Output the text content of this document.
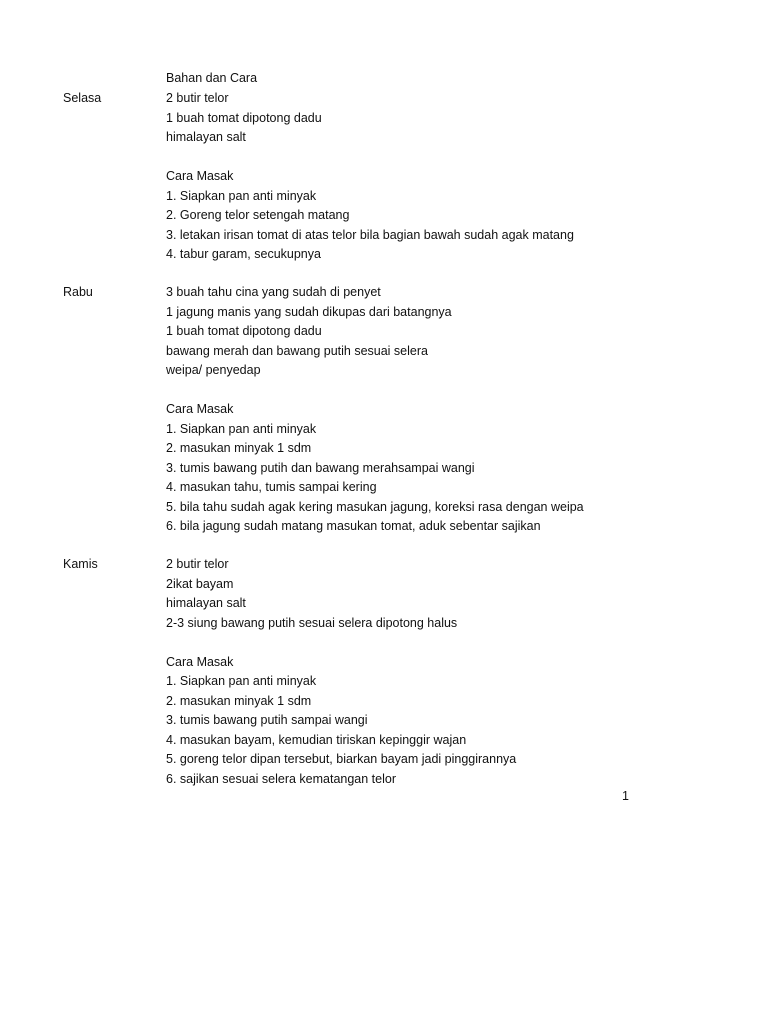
Bahan dan Cara
Selasa	2 butir telor
1 buah tomat dipotong dadu
himalayan salt
Cara Masak
1. Siapkan pan anti minyak
2. Goreng telor setengah matang
3. letakan irisan tomat di atas telor bila bagian bawah sudah agak matang
4. tabur garam, secukupnya
Rabu	3 buah tahu cina yang sudah di penyet
1 jagung manis yang sudah dikupas dari batangnya
1 buah tomat dipotong dadu
bawang merah dan bawang putih sesuai selera
weipa/ penyedap
Cara Masak
1. Siapkan pan anti minyak
2. masukan minyak 1 sdm
3. tumis bawang putih dan bawang merahsampai wangi
4. masukan tahu, tumis sampai kering
5. bila tahu sudah agak kering masukan jagung, koreksi rasa dengan weipa
6. bila jagung sudah matang masukan tomat, aduk sebentar sajikan
Kamis	2 butir telor
2ikat bayam
himalayan salt
2-3 siung bawang putih sesuai selera dipotong halus
Cara Masak
1. Siapkan pan anti minyak
2. masukan minyak 1 sdm
3. tumis bawang putih sampai wangi
4. masukan bayam, kemudian tiriskan kepinggir wajan
5. goreng telor dipan tersebut, biarkan bayam jadi pinggirannya
6. sajikan sesuai selera kematangan telor
1
